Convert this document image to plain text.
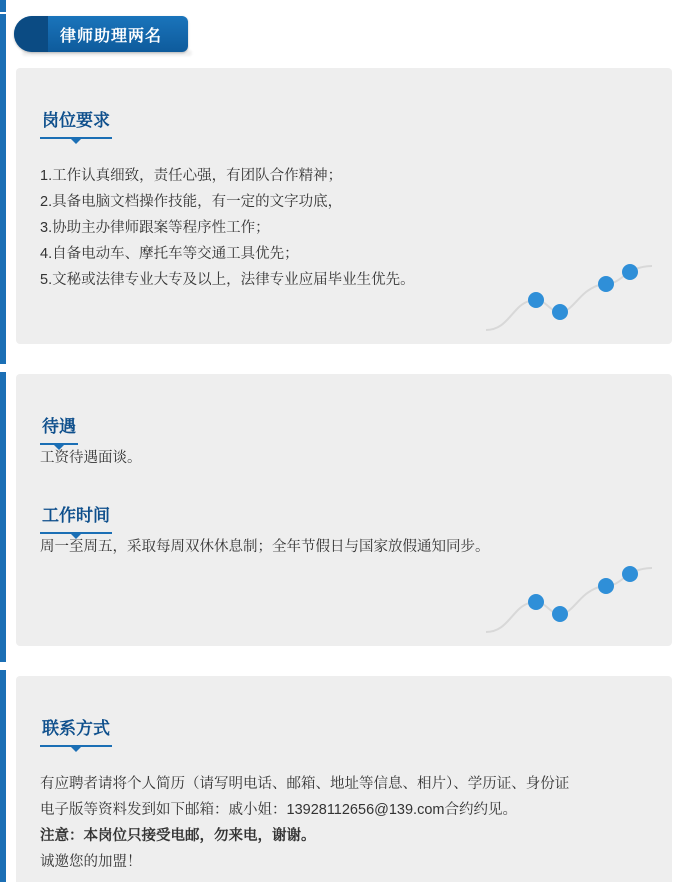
律师助理两名
岗位要求

1.工作认真细致，责任心强，有团队合作精神；

2.具备电脑文档操作技能，有一定的文字功底，

3.协助主办律师跟案等程序性工作；

4.自备电动车、摩托车等交通工具优先；

5.文秘或法律专业大专及以上，法律专业应届毕业生优先。

待遇

工资待遇面谈。

工作时间

周一至周五，采取每周双休休息制；全年节假日与国家放假通知同步。

联系方式

有应聘者请将个人简历（请写明电话、邮箱、地址等信息、相片）、学历证、身份证

电子版等资料发到如下邮箱：戚小姐：13928112656@139.com合约约见。

注意：本岗位只接受电邮，勿来电，谢谢。

诚邀您的加盟！
